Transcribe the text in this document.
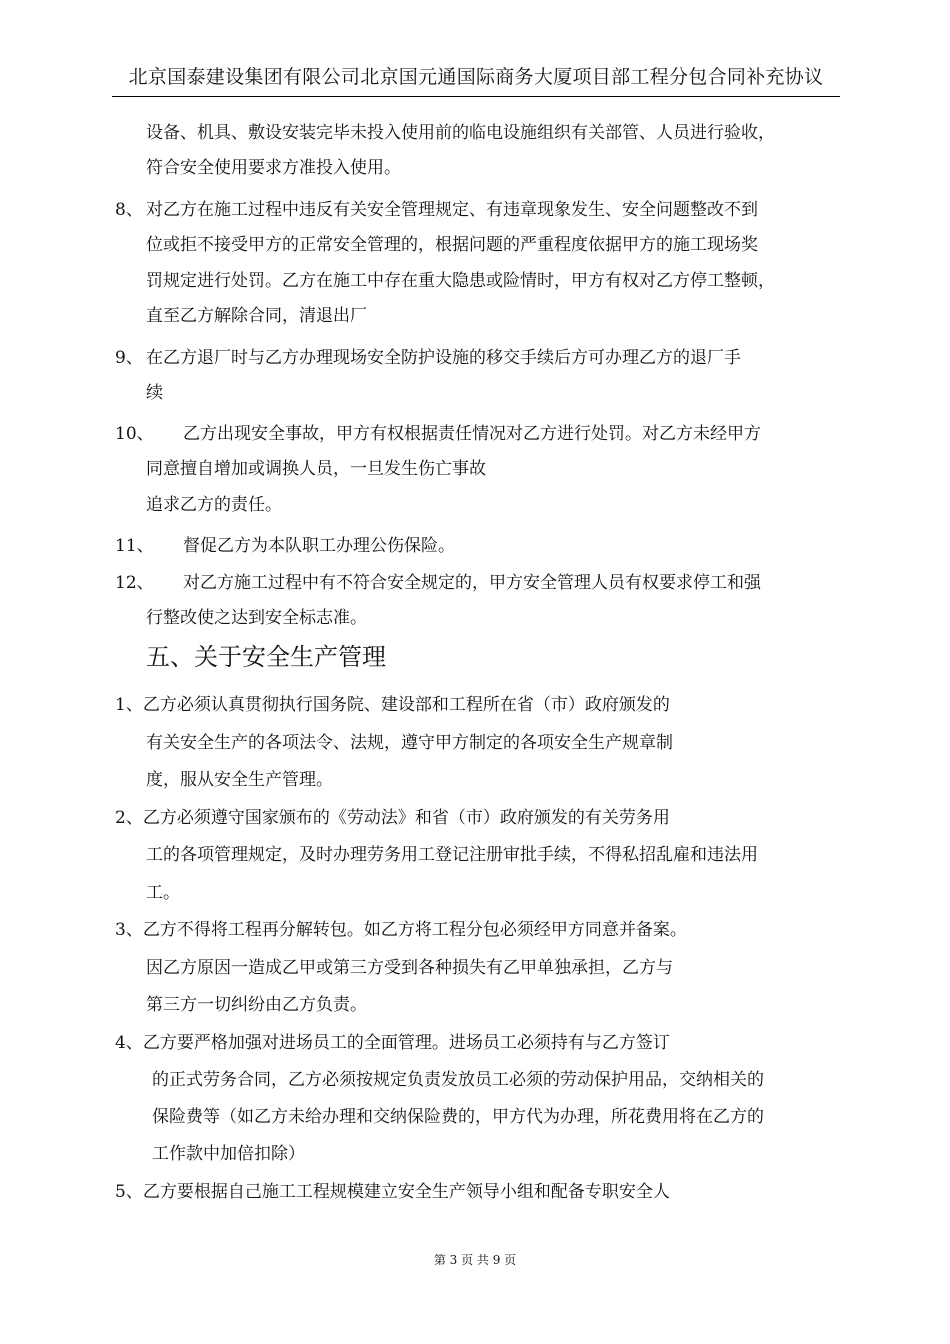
北京国泰建设集团有限公司北京国元通国际商务大厦项目部工程分包合同补充协议
设备、机具、敷设安装完毕未投入使用前的临电设施组织有关部管、人员进行验收，
符合安全使用要求方准投入使用。
8、 对乙方在施工过程中违反有关安全管理规定、有违章现象发生、安全问题整改不到
位或拒不接受甲方的正常安全管理的，根据问题的严重程度依据甲方的施工现场奖
罚规定进行处罚。乙方在施工中存在重大隐患或险情时，甲方有权对乙方停工整顿，
直至乙方解除合同，清退出厂
9、 在乙方退厂时与乙方办理现场安全防护设施的移交手续后方可办理乙方的退厂手
续
10、 乙方出现安全事故，甲方有权根据责任情况对乙方进行处罚。对乙方未经甲方
同意擅自增加或调换人员，一旦发生伤亡事故
追求乙方的责任。
11、 督促乙方为本队职工办理公伤保险。
12、 对乙方施工过程中有不符合安全规定的，甲方安全管理人员有权要求停工和强
行整改使之达到安全标志准。
五、关于安全生产管理
1、乙方必须认真贯彻执行国务院、建设部和工程所在省（市）政府颁发的
有关安全生产的各项法令、法规，遵守甲方制定的各项安全生产规章制
度，服从安全生产管理。
2、乙方必须遵守国家颁布的《劳动法》和省（市）政府颁发的有关劳务用
工的各项管理规定，及时办理劳务用工登记注册审批手续，不得私招乱雇和违法用
工。
3、乙方不得将工程再分解转包。如乙方将工程分包必须经甲方同意并备案。
因乙方原因一造成乙甲或第三方受到各种损失有乙甲单独承担，乙方与
第三方一切纠纷由乙方负责。
4、乙方要严格加强对进场员工的全面管理。进场员工必须持有与乙方签订
的正式劳务合同，乙方必须按规定负责发放员工必须的劳动保护用品，交纳相关的
保险费等（如乙方未给办理和交纳保险费的，甲方代为办理，所花费用将在乙方的
工作款中加倍扣除）
5、乙方要根据自己施工工程规模建立安全生产领导小组和配备专职安全人
第 3 页 共 9 页
